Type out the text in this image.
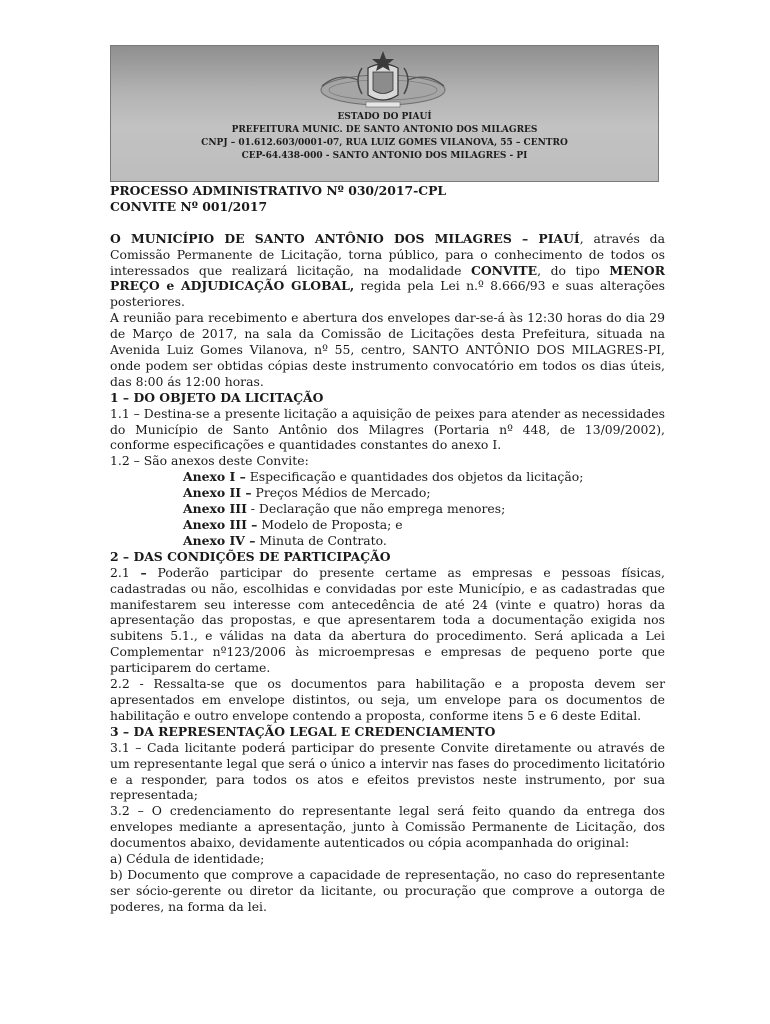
ESTADO DO PIAUÍ
PREFEITURA MUNIC. DE SANTO ANTONIO DOS MILAGRES
CNPJ – 01.612.603/0001-07, RUA LUIZ GOMES VILANOVA, 55 – CENTRO
CEP-64.438-000 - SANTO ANTONIO DOS MILAGRES - PI

PROCESSO ADMINISTRATIVO Nº 030/2017-CPL

CONVITE Nº 001/2017

O MUNICÍPIO DE SANTO ANTÔNIO DOS MILAGRES – PIAUÍ, através da Comissão Permanente de Licitação, torna público, para o conhecimento de todos os interessados que realizará licitação, na modalidade CONVITE, do tipo MENOR PREÇO e ADJUDICAÇÃO GLOBAL, regida pela Lei n.º 8.666/93 e suas alterações posteriores.

A reunião para recebimento e abertura dos envelopes dar-se-á às 12:30 horas do dia 29 de Março de 2017, na sala da Comissão de Licitações desta Prefeitura, situada na Avenida Luiz Gomes Vilanova, nº 55, centro, SANTO ANTÔNIO DOS MILAGRES-PI, onde podem ser obtidas cópias deste instrumento convocatório em todos os dias úteis, das 8:00 ás 12:00 horas.

1 – DO OBJETO DA LICITAÇÃO

1.1 – Destina-se a presente licitação a aquisição de peixes para atender as necessidades do Município de Santo Antônio dos Milagres (Portaria nº 448, de 13/09/2002), conforme especificações e quantidades constantes do anexo I.

1.2 – São anexos deste Convite:

Anexo I – Especificação e quantidades dos objetos da licitação;

Anexo II – Preços Médios de Mercado;

Anexo III - Declaração que não emprega menores;

Anexo III – Modelo de Proposta; e

Anexo IV – Minuta de Contrato.

2 – DAS CONDIÇÕES DE PARTICIPAÇÃO

2.1 – Poderão participar do presente certame as empresas e pessoas físicas, cadastradas ou não, escolhidas e convidadas por este Município, e as cadastradas que manifestarem seu interesse com antecedência de até 24 (vinte e quatro) horas da apresentação das propostas, e que apresentarem toda a documentação exigida nos subitens 5.1., e válidas na data da abertura do procedimento. Será aplicada a Lei Complementar nº123/2006 às microempresas e empresas de pequeno porte que participarem do certame.

2.2 - Ressalta-se que os documentos para habilitação e a proposta devem ser apresentados em envelope distintos, ou seja, um envelope para os documentos de habilitação e outro envelope contendo a proposta, conforme itens 5 e 6 deste Edital.

3 – DA REPRESENTAÇÃO LEGAL E CREDENCIAMENTO

3.1 – Cada licitante poderá participar do presente Convite diretamente ou através de um representante legal que será o único a intervir nas fases do procedimento licitatório e a responder, para todos os atos e efeitos previstos neste instrumento, por sua representada;

3.2 – O credenciamento do representante legal será feito quando da entrega dos envelopes mediante a apresentação, junto à Comissão Permanente de Licitação, dos documentos abaixo, devidamente autenticados ou cópia acompanhada do original:

a) Cédula de identidade;

b) Documento que comprove a capacidade de representação, no caso do representante ser sócio-gerente ou diretor da licitante, ou procuração que comprove a outorga de poderes, na forma da lei.
